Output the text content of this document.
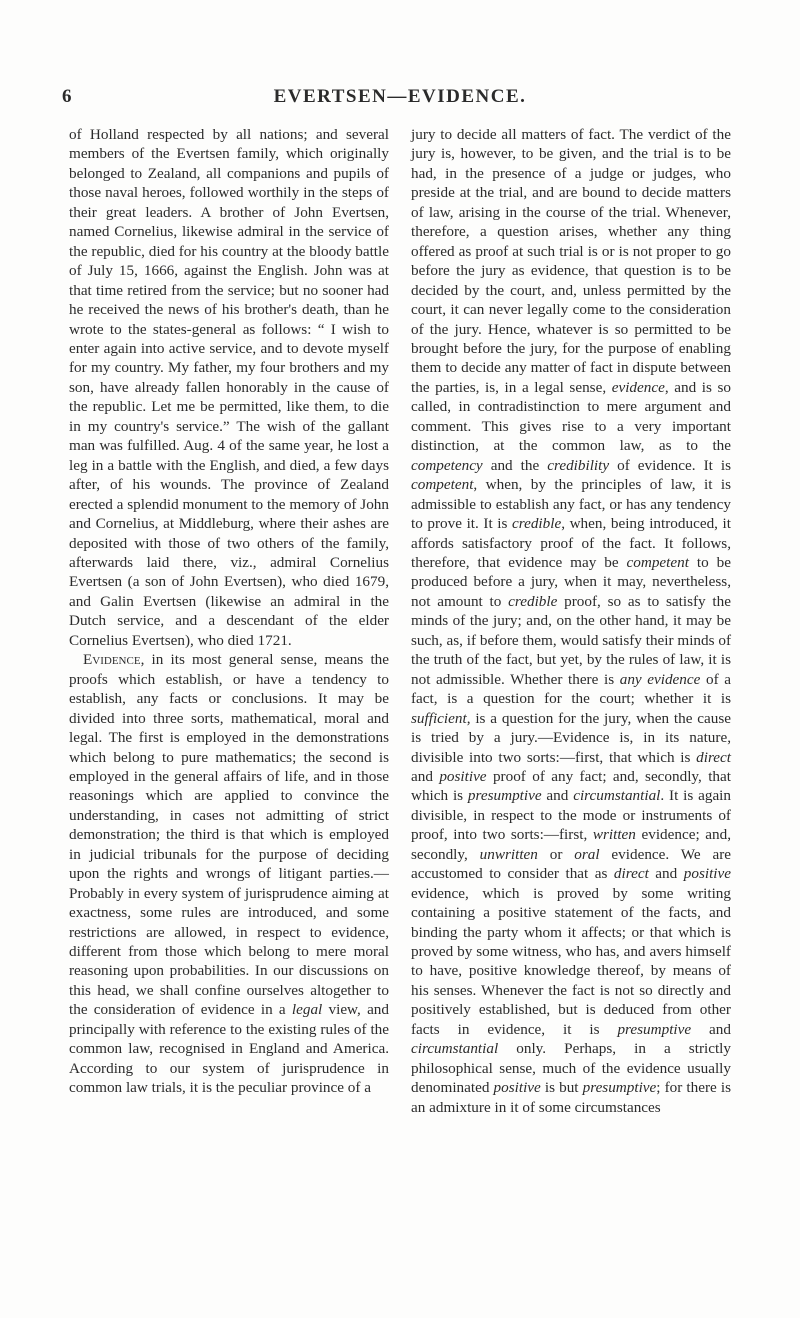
6	EVERTSEN—EVIDENCE.

of Holland respected by all nations; and several members of the Evertsen family, which originally belonged to Zealand, all companions and pupils of those naval heroes, followed worthily in the steps of their great leaders. A brother of John Evertsen, named Cornelius, likewise admiral in the service of the republic, died for his country at the bloody battle of July 15, 1666, against the English. John was at that time retired from the service; but no sooner had he received the news of his brother's death, than he wrote to the states-general as follows: “ I wish to enter again into active service, and to devote myself for my country. My father, my four brothers and my son, have already fallen honorably in the cause of the republic. Let me be permitted, like them, to die in my country's service.” The wish of the gallant man was fulfilled. Aug. 4 of the same year, he lost a leg in a battle with the English, and died, a few days after, of his wounds. The province of Zealand erected a splendid monument to the memory of John and Cornelius, at Middleburg, where their ashes are deposited with those of two others of the family, afterwards laid there, viz., admiral Cornelius Evertsen (a son of John Evertsen), who died 1679, and Galin Evertsen (likewise an admiral in the Dutch service, and a descendant of the elder Cornelius Evertsen), who died 1721.

Evidence, in its most general sense, means the proofs which establish, or have a tendency to establish, any facts or conclusions. It may be divided into three sorts, mathematical, moral and legal. The first is employed in the demonstrations which belong to pure mathematics; the second is employed in the general affairs of life, and in those reasonings which are applied to convince the understanding, in cases not admitting of strict demonstration; the third is that which is employed in judicial tribunals for the purpose of deciding upon the rights and wrongs of litigant parties.—Probably in every system of jurisprudence aiming at exactness, some rules are introduced, and some restrictions are allowed, in respect to evidence, different from those which belong to mere moral reasoning upon probabilities. In our discussions on this head, we shall confine ourselves altogether to the consideration of evidence in a legal view, and principally with reference to the existing rules of the common law, recognised in England and America. According to our system of jurisprudence in common law trials, it is the peculiar province of a

jury to decide all matters of fact. The verdict of the jury is, however, to be given, and the trial is to be had, in the presence of a judge or judges, who preside at the trial, and are bound to decide matters of law, arising in the course of the trial. Whenever, therefore, a question arises, whether any thing offered as proof at such trial is or is not proper to go before the jury as evidence, that question is to be decided by the court, and, unless permitted by the court, it can never legally come to the consideration of the jury. Hence, whatever is so permitted to be brought before the jury, for the purpose of enabling them to decide any matter of fact in dispute between the parties, is, in a legal sense, evidence, and is so called, in contradistinction to mere argument and comment. This gives rise to a very important distinction, at the common law, as to the competency and the credibility of evidence. It is competent, when, by the principles of law, it is admissible to establish any fact, or has any tendency to prove it. It is credible, when, being introduced, it affords satisfactory proof of the fact. It follows, therefore, that evidence may be competent to be produced before a jury, when it may, nevertheless, not amount to credible proof, so as to satisfy the minds of the jury; and, on the other hand, it may be such, as, if before them, would satisfy their minds of the truth of the fact, but yet, by the rules of law, it is not admissible. Whether there is any evidence of a fact, is a question for the court; whether it is sufficient, is a question for the jury, when the cause is tried by a jury.—Evidence is, in its nature, divisible into two sorts:—first, that which is direct and positive proof of any fact; and, secondly, that which is presumptive and circumstantial. It is again divisible, in respect to the mode or instruments of proof, into two sorts:—first, written evidence; and, secondly, unwritten or oral evidence. We are accustomed to consider that as direct and positive evidence, which is proved by some writing containing a positive statement of the facts, and binding the party whom it affects; or that which is proved by some witness, who has, and avers himself to have, positive knowledge thereof, by means of his senses. Whenever the fact is not so directly and positively established, but is deduced from other facts in evidence, it is presumptive and circumstantial only. Perhaps, in a strictly philosophical sense, much of the evidence usually denominated positive is but presumptive; for there is an admixture in it of some circumstances
